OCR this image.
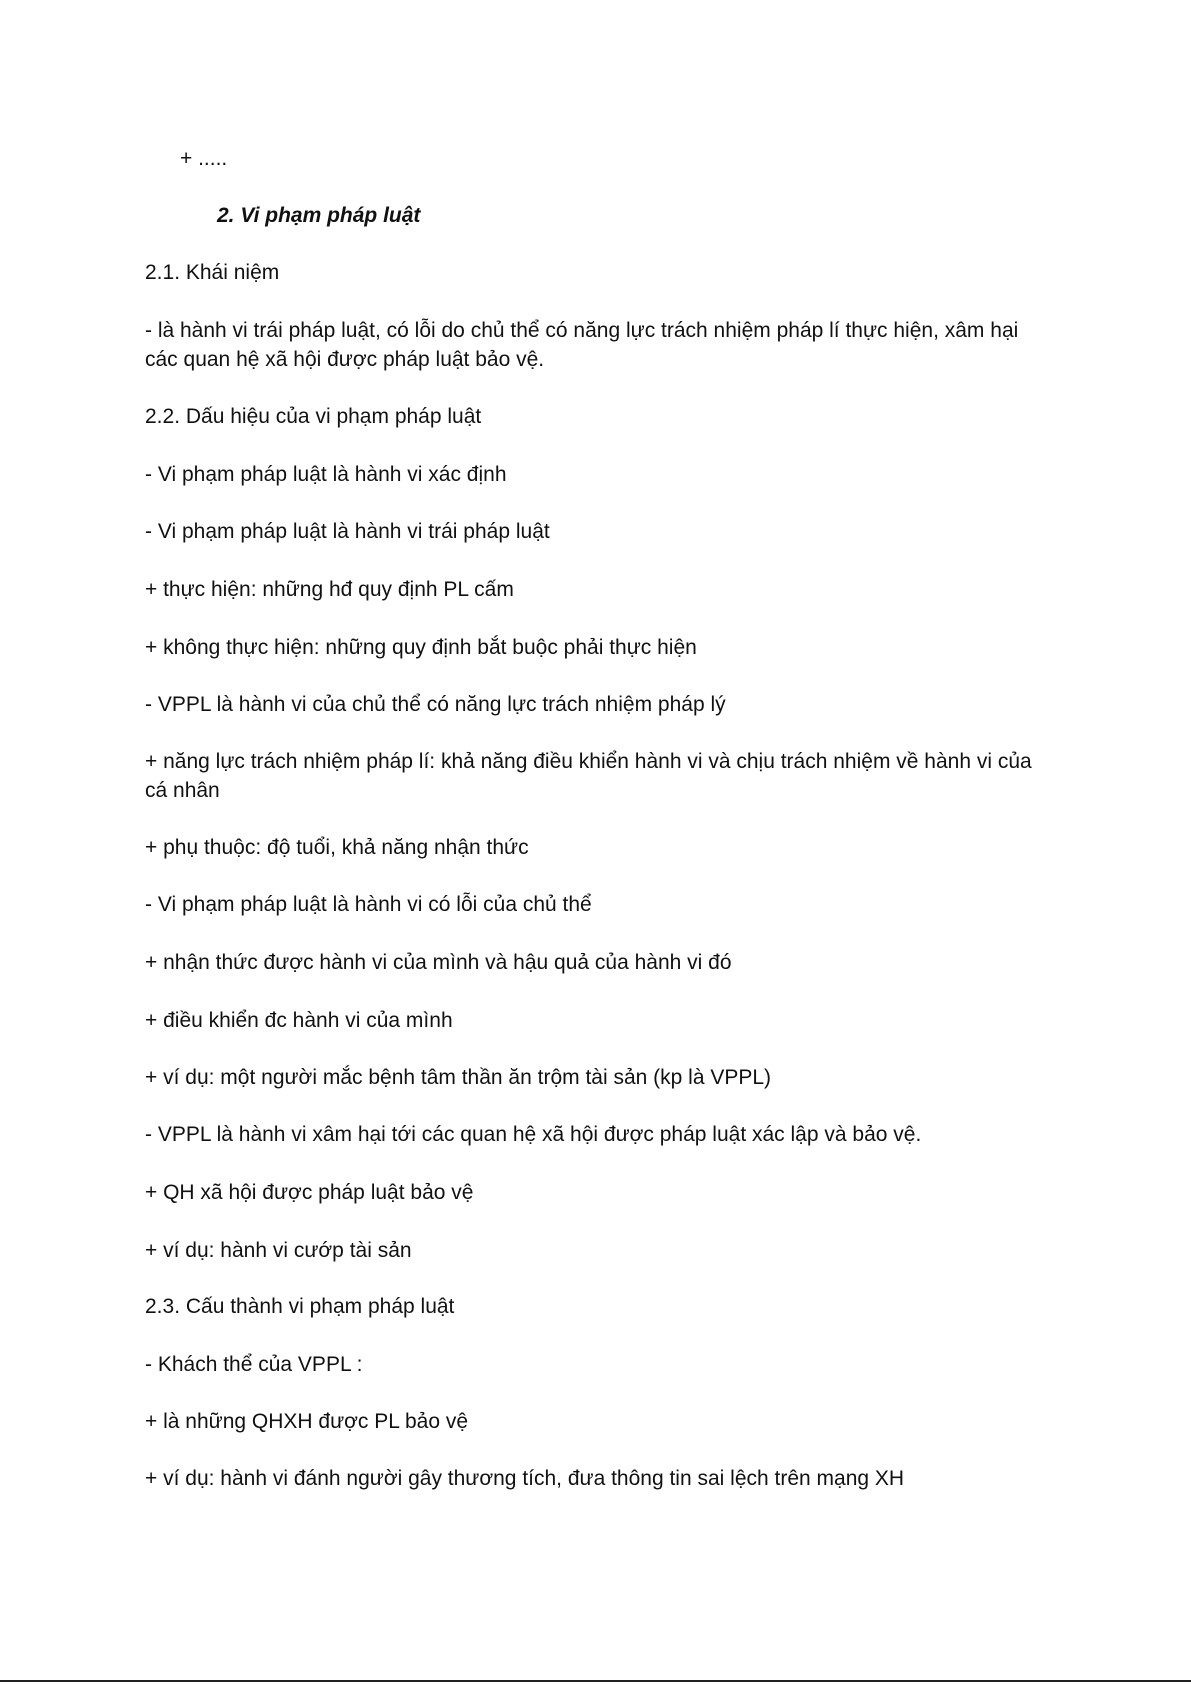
+ .....
2. Vi phạm pháp luật
2.1. Khái niệm
- là hành vi trái pháp luật, có lỗi do chủ thể có năng lực trách nhiệm pháp lí thực hiện, xâm hại các quan hệ xã hội được pháp luật bảo vệ.
2.2. Dấu hiệu của vi phạm pháp luật
- Vi phạm pháp luật là hành vi xác định
- Vi phạm pháp luật là hành vi trái pháp luật
+ thực hiện: những hđ quy định PL cấm
+ không thực hiện: những quy định bắt buộc phải thực hiện
- VPPL là hành vi của chủ thể có năng lực trách nhiệm pháp lý
+ năng lực trách nhiệm pháp lí: khả năng điều khiển hành vi và chịu trách nhiệm về hành vi của cá nhân
+ phụ thuộc: độ tuổi, khả năng nhận thức
- Vi phạm pháp luật là hành vi có lỗi của chủ thể
+ nhận thức được hành vi của mình và hậu quả của hành vi đó
+ điều khiển đc hành vi của mình
+ ví dụ: một người mắc bệnh tâm thần ăn trộm tài sản (kp là VPPL)
- VPPL là hành vi xâm hại tới các quan hệ xã hội được pháp luật xác lập và bảo vệ.
+ QH xã hội được pháp luật bảo vệ
+ ví dụ: hành vi cướp tài sản
2.3. Cấu thành vi phạm pháp luật
- Khách thể của VPPL :
+ là những QHXH được PL bảo vệ
+ ví dụ: hành vi đánh người gây thương tích, đưa thông tin sai lệch trên mạng XH
